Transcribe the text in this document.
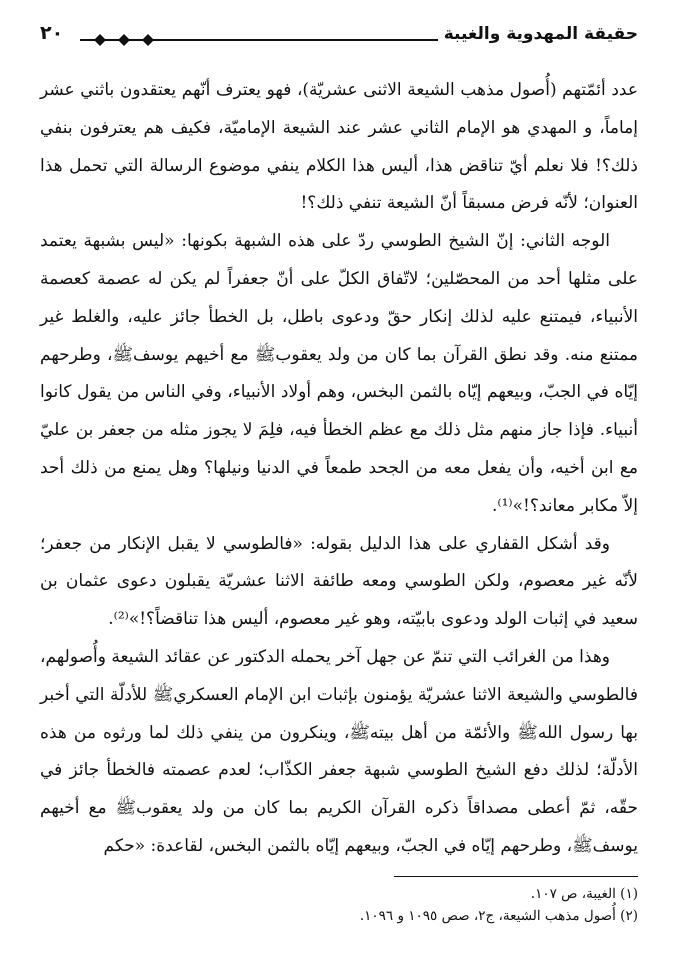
حقيقة المهدوية والغيبة
٢٠

عدد أئمّتهم (أُصول مذهب الشيعة الاثنى عشريّة)، فهو يعترف أنّهم يعتقدون باثني عشر إماماً، و المهدي هو الإمام الثاني عشر عند الشيعة الإماميّة، فكيف هم يعترفون بنفي ذلك؟! فلا نعلم أيّ تناقض هذا، أليس هذا الكلام ينفي موضوع الرسالة التي تحمل هذا العنوان؛ لأنّه فرض مسبقاً أنّ الشيعة تنفي ذلك؟!

الوجه الثاني: إنّ الشيخ الطوسي ردّ على هذه الشبهة بكونها: «ليس بشبهة يعتمد على مثلها أحد من المحصّلين؛ لاتّفاق الكلّ على أنّ جعفراً لم يكن له عصمة كعصمة الأنبياء، فيمتنع عليه لذلك إنكار حقّ ودعوى باطل، بل الخطأ جائز عليه، والغلط غير ممتنع منه. وقد نطق القرآن بما كان من ولد يعقوبﷺ مع أخيهم يوسفﷺ، وطرحهم إيّاه في الجبّ، وبيعهم إيّاه بالثمن البخس، وهم أولاد الأنبياء، وفي الناس من يقول كانوا أنبياء. فإذا جاز منهم مثل ذلك مع عظم الخطأ فيه، فلِمَ لا يجوز مثله من جعفر بن عليّ مع ابن أخيه، وأن يفعل معه من الجحد طمعاً في الدنيا ونيلها؟ وهل يمنع من ذلك أحد إلاّ مكابر معاند؟!»⁽¹⁾.

وقد أشكل القفاري على هذا الدليل بقوله: «فالطوسي لا يقبل الإنكار من جعفر؛ لأنّه غير معصوم، ولكن الطوسي ومعه طائفة الاثنا عشريّة يقبلون دعوى عثمان بن سعيد في إثبات الولد ودعوى بابيّته، وهو غير معصوم، أليس هذا تناقضاً؟!»⁽²⁾.

وهذا من الغرائب التي تنمّ عن جهل آخر يحمله الدكتور عن عقائد الشيعة وأُصولهم، فالطوسي والشيعة الاثنا عشريّة يؤمنون بإثبات ابن الإمام العسكريﷺ للأدلّة التي أخبر بها رسول اللهﷺ والأئمّة من أهل بيتهﷺ، وينكرون من ينفي ذلك لما ورثوه من هذه الأدلّة؛ لذلك دفع الشيخ الطوسي شبهة جعفر الكذّاب؛ لعدم عصمته فالخطأ جائز في حقّه، ثمّ أعطى مصداقاً ذكره القرآن الكريم بما كان من ولد يعقوبﷺ مع أخيهم يوسفﷺ، وطرحهم إيّاه في الجبّ، وبيعهم إيّاه بالثمن البخس، لقاعدة: «حكم

(١) الغيبة، ص ١٠٧.
(٢) أُصول مذهب الشيعة، ج٢، صص ١٠٩٥ و ١٠٩٦.
